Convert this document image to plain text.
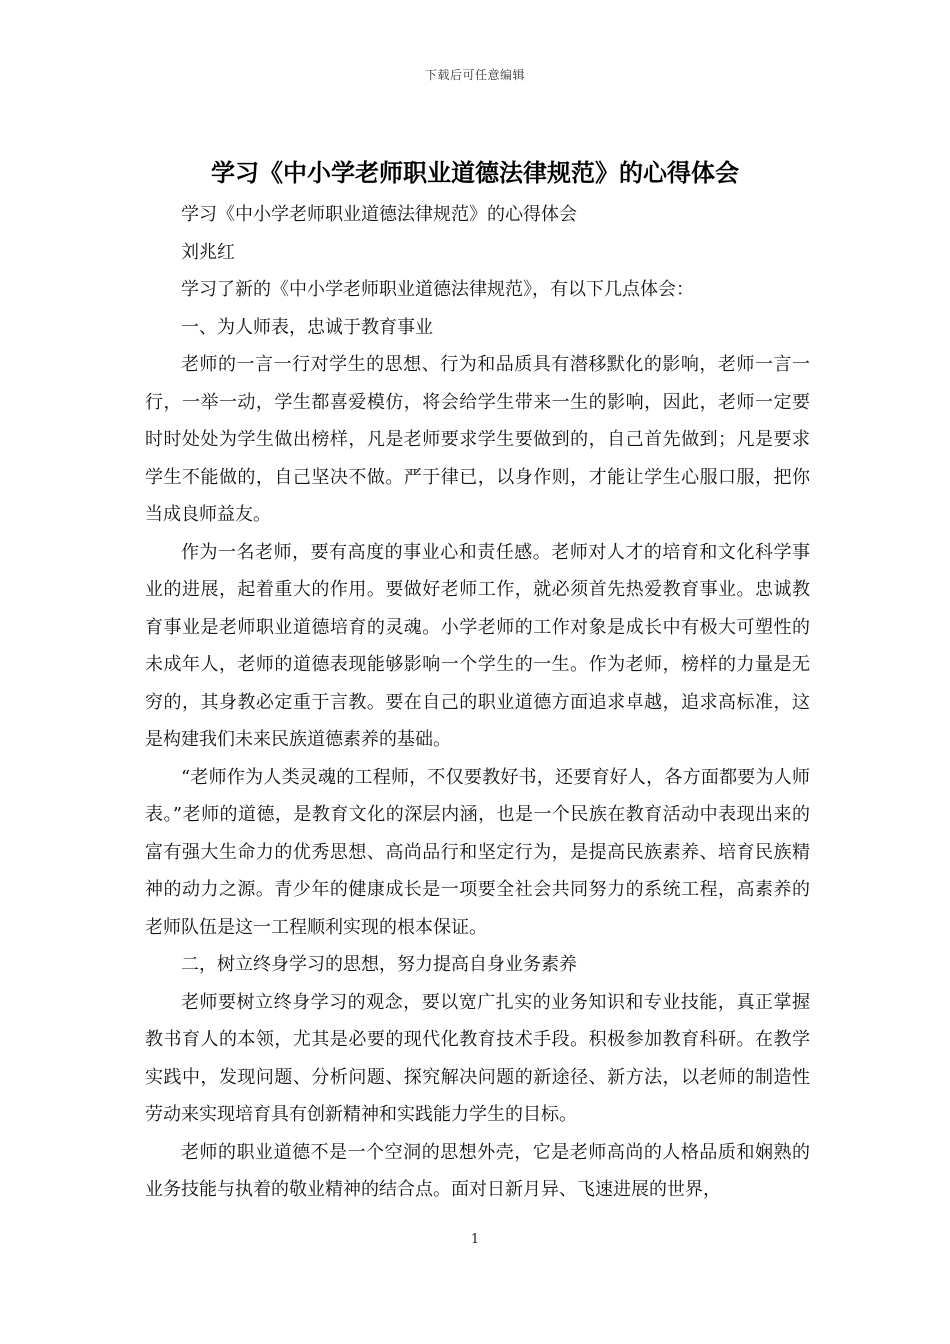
下载后可任意编辑
学习《中小学老师职业道德法律规范》的心得体会

学习《中小学老师职业道德法律规范》的心得体会

刘兆红

学习了新的《中小学老师职业道德法律规范》，有以下几点体会：

一、为人师表，忠诚于教育事业

老师的一言一行对学生的思想、行为和品质具有潜移默化的影响，老师一言一行，一举一动，学生都喜爱模仿，将会给学生带来一生的影响，因此，老师一定要时时处处为学生做出榜样，凡是老师要求学生要做到的，自己首先做到；凡是要求学生不能做的，自己坚决不做。严于律已，以身作则，才能让学生心服口服，把你当成良师益友。

作为一名老师，要有高度的事业心和责任感。老师对人才的培育和文化科学事业的进展，起着重大的作用。要做好老师工作，就必须首先热爱教育事业。忠诚教育事业是老师职业道德培育的灵魂。小学老师的工作对象是成长中有极大可塑性的未成年人，老师的道德表现能够影响一个学生的一生。作为老师，榜样的力量是无穷的，其身教必定重于言教。要在自己的职业道德方面追求卓越，追求高标准，这是构建我们未来民族道德素养的基础。

“老师作为人类灵魂的工程师，不仅要教好书，还要育好人，各方面都要为人师表。”老师的道德，是教育文化的深层内涵，也是一个民族在教育活动中表现出来的富有强大生命力的优秀思想、高尚品行和坚定行为，是提高民族素养、培育民族精神的动力之源。青少年的健康成长是一项要全社会共同努力的系统工程，高素养的老师队伍是这一工程顺利实现的根本保证。

二，树立终身学习的思想，努力提高自身业务素养

老师要树立终身学习的观念，要以宽广扎实的业务知识和专业技能，真正掌握教书育人的本领，尤其是必要的现代化教育技术手段。积极参加教育科研。在教学实践中，发现问题、分析问题、探究解决问题的新途径、新方法，以老师的制造性劳动来实现培育具有创新精神和实践能力学生的目标。

老师的职业道德不是一个空洞的思想外壳，它是老师高尚的人格品质和娴熟的业务技能与执着的敬业精神的结合点。面对日新月异、飞速进展的世界，

1
